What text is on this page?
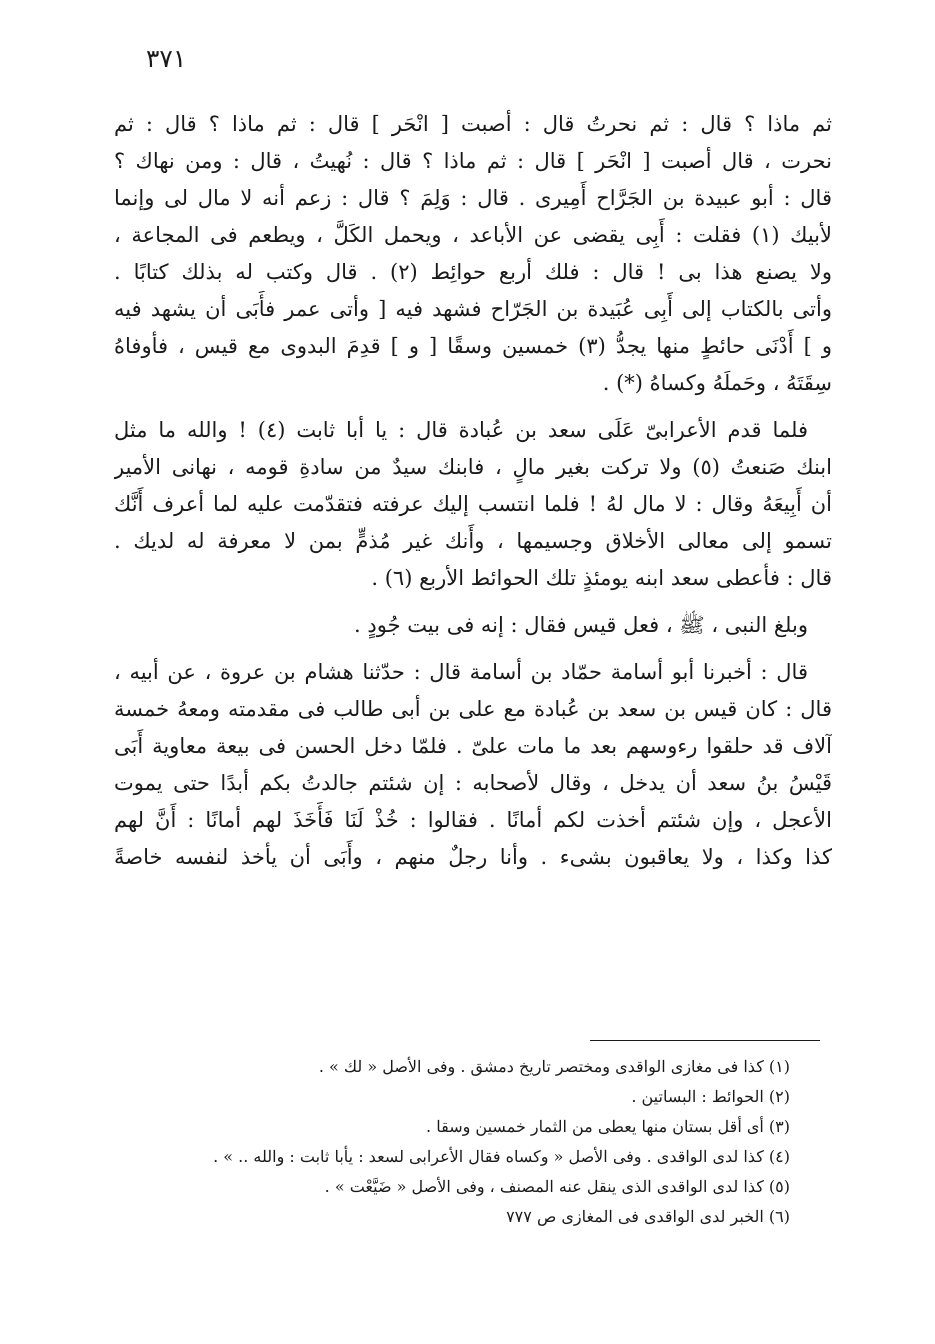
٣٧١
ثم ماذا ؟ قال : ثم نحرتُ قال : أصبت [ انْحَر ] قال : ثم ماذا ؟ قال : ثم
نحرت ، قال أصبت [ انْحَر ] قال : ثم ماذا ؟ قال : نُهيتُ ، قال : ومن نهاك ؟
قال : أبو عبيدة بن الجَرَّاح أَمِيرى . قال : وَلِمَ ؟ قال : زعم أنه لا مال لى وإنما
لأبيك (١) فقلت : أَبِى يقضى عن الأباعد ، ويحمل الكَلَّ ، ويطعم فى المجاعة ،
ولا يصنع هذا بى ! قال : فلك أربع حوائِط (٢) . قال وكتب له بذلك كتابًا .
وأتى بالكتاب إلى أَبِى عُبَيدة بن الجَرّاح فشهد فيه [ وأتى عمر فأَبَى أن يشهد فيه
و ] أَدْنَى حائطٍ منها يجدُّ (٣) خمسين وسقًا [ و ] قدِمَ البدوى مع قيس ، فأوفاهُ
سِقَتَهُ ، وحَملَهُ وكساهُ (*) .
فلما قدم الأعرابىّ عَلَى سعد بن عُبادة قال : يا أبا ثابت (٤) ! والله ما مثل
ابنك صَنعتُ (٥) ولا تركت بغير مالٍ ، فابنك سيدٌ من سادةِ قومه ، نهانى الأمير
أن أَبِيعَهُ وقال : لا مال لهُ ! فلما انتسب إليك عرفته فتقدّمت عليه لما أعرف أَنَّك
تسمو إلى معالى الأخلاق وجسيمها ، وأَنك غير مُذمٍّ بمن لا معرفة له لديك .
قال : فأعطى سعد ابنه يومئذٍ تلك الحوائط الأربع (٦) .
وبلغ النبى ، ﷺ ، فعل قيس فقال : إنه فى بيت جُودٍ .
قال : أخبرنا أبو أسامة حمّاد بن أسامة قال : حدّثنا هشام بن عروة ، عن أبيه ،
قال : كان قيس بن سعد بن عُبادة مع على بن أبى طالب فى مقدمته ومعهُ خمسة
آلاف قد حلقوا رءوسهم بعد ما مات علىّ . فلمّا دخل الحسن فى بيعة معاوية أَبَى
قَيْسُ بنُ سعد أن يدخل ، وقال لأصحابه : إن شئتم جالدتُ بكم أبدًا حتى يموت
الأعجل ، وإن شئتم أخذت لكم أمانًا . فقالوا : خُذْ لَنَا فَأَخَذَ لهم أمانًا : أَنَّ لهم
كذا وكذا ، ولا يعاقبون بشىء . وأنا رجلٌ منهم ، وأَبَى أن يأخذ لنفسه خاصةً
(١) كذا فى مغازى الواقدى ومختصر تاريخ دمشق . وفى الأصل « لك » .
(٢) الحوائط : البساتين .
(٣) أى أقل بستان منها يعطى من الثمار خمسين وسقا .
(٤) كذا لدى الواقدى . وفى الأصل « وكساه فقال الأعرابى لسعد : يأبا ثابت : والله .. » .
(٥) كذا لدى الواقدى الذى ينقل عنه المصنف ، وفى الأصل « ضَيَّعْت » .
(٦) الخبر لدى الواقدى فى المغازى ص ٧٧٧
